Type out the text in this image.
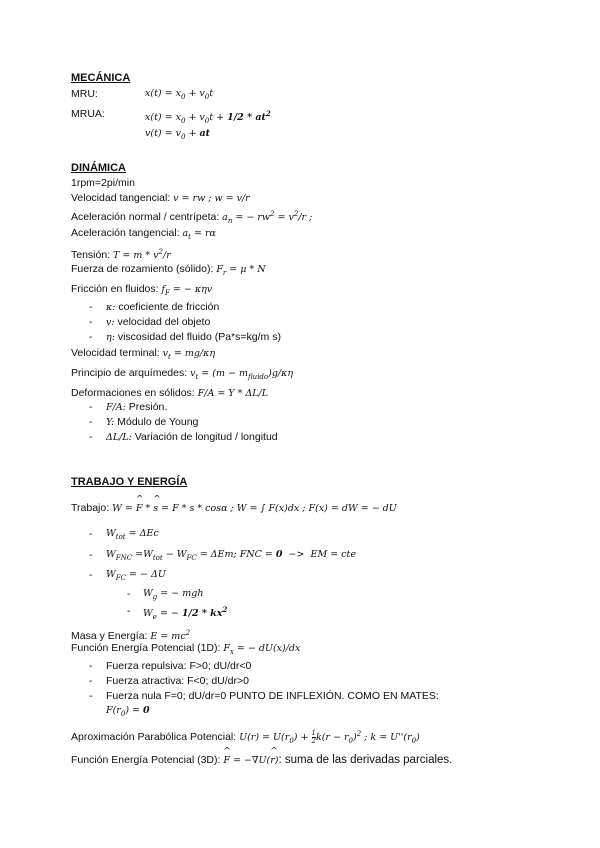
MECÁNICA
MRU:	$x(t) = x_0 + v_0t$
MRUA:	$x(t) = x_0 + v_0t + 1/2 * at^2$
$v(t) = v_0$ + at
DINÁMICA
1rpm=2pi/min
Velocidad tangencial: v = rw ; w = v/r
Aceleración normal / centrípeta: $a_n$ = − $rw^2 = v^2/r$ ;
Aceleración tangencial: $a_t = r\alpha$
Tensión: $T = m * v^2/r$
Fuerza de rozamiento (sólido): $F_r = \mu * N$
Fricción en fluidos: $f_F$ = − κηv
- κ: coeficiente de fricción
- v: velocidad del objeto
- η: viscosidad del fluido (Pa*s=kg/m s)
Velocidad terminal: $v_t = mg/\kappa\eta$
Principio de arquímedes: $v_t = (m - m_{fluido})g/\kappa\eta$
Deformaciones en sólidos: F/A = Y * ΔL/L
- F/A: Presión.
- Y: Módulo de Young
- ΔL/L: Variación de longitud / longitud
TRABAJO Y ENERGÍA
Trabajo: W = ^ F * ^ s = F * s * cosα ; W = ∫ F(x)dx ; F(x) = dW = − dU
- $W_{tot} = \Delta Ec$
- $W_{FNC} =W_{tot} - W_{FC} = \Delta Em$; FNC = 0  −>  EM = cte
- $W_{FC}$ = − ΔU
- $W_g$ = − mgh
- $W_e$ = − $1/2 * kx^2$
Masa y Energía: $E = mc^2$
Función Energía Potencial (1D): $F_x$ = − dU(x)/dx
- Fuerza repulsiva: F>0; dU/dr<0
- Fuerza atractiva: F<0; dU/dr>0
- Fuerza nula F=0; dU/dr=0 PUNTO DE INFLEXIÓN. COMO EN MATES:
$F(r_0) = 0$
Aproximación Parabólica Potencial: $U(r) = U(r_0) + \frac{1}{2} k(r - r_0)^2$ ; $k = U''(r_0)$
Función Energía Potencial (3D): ^ F = −∇U(^ r): suma de las derivadas parciales.
